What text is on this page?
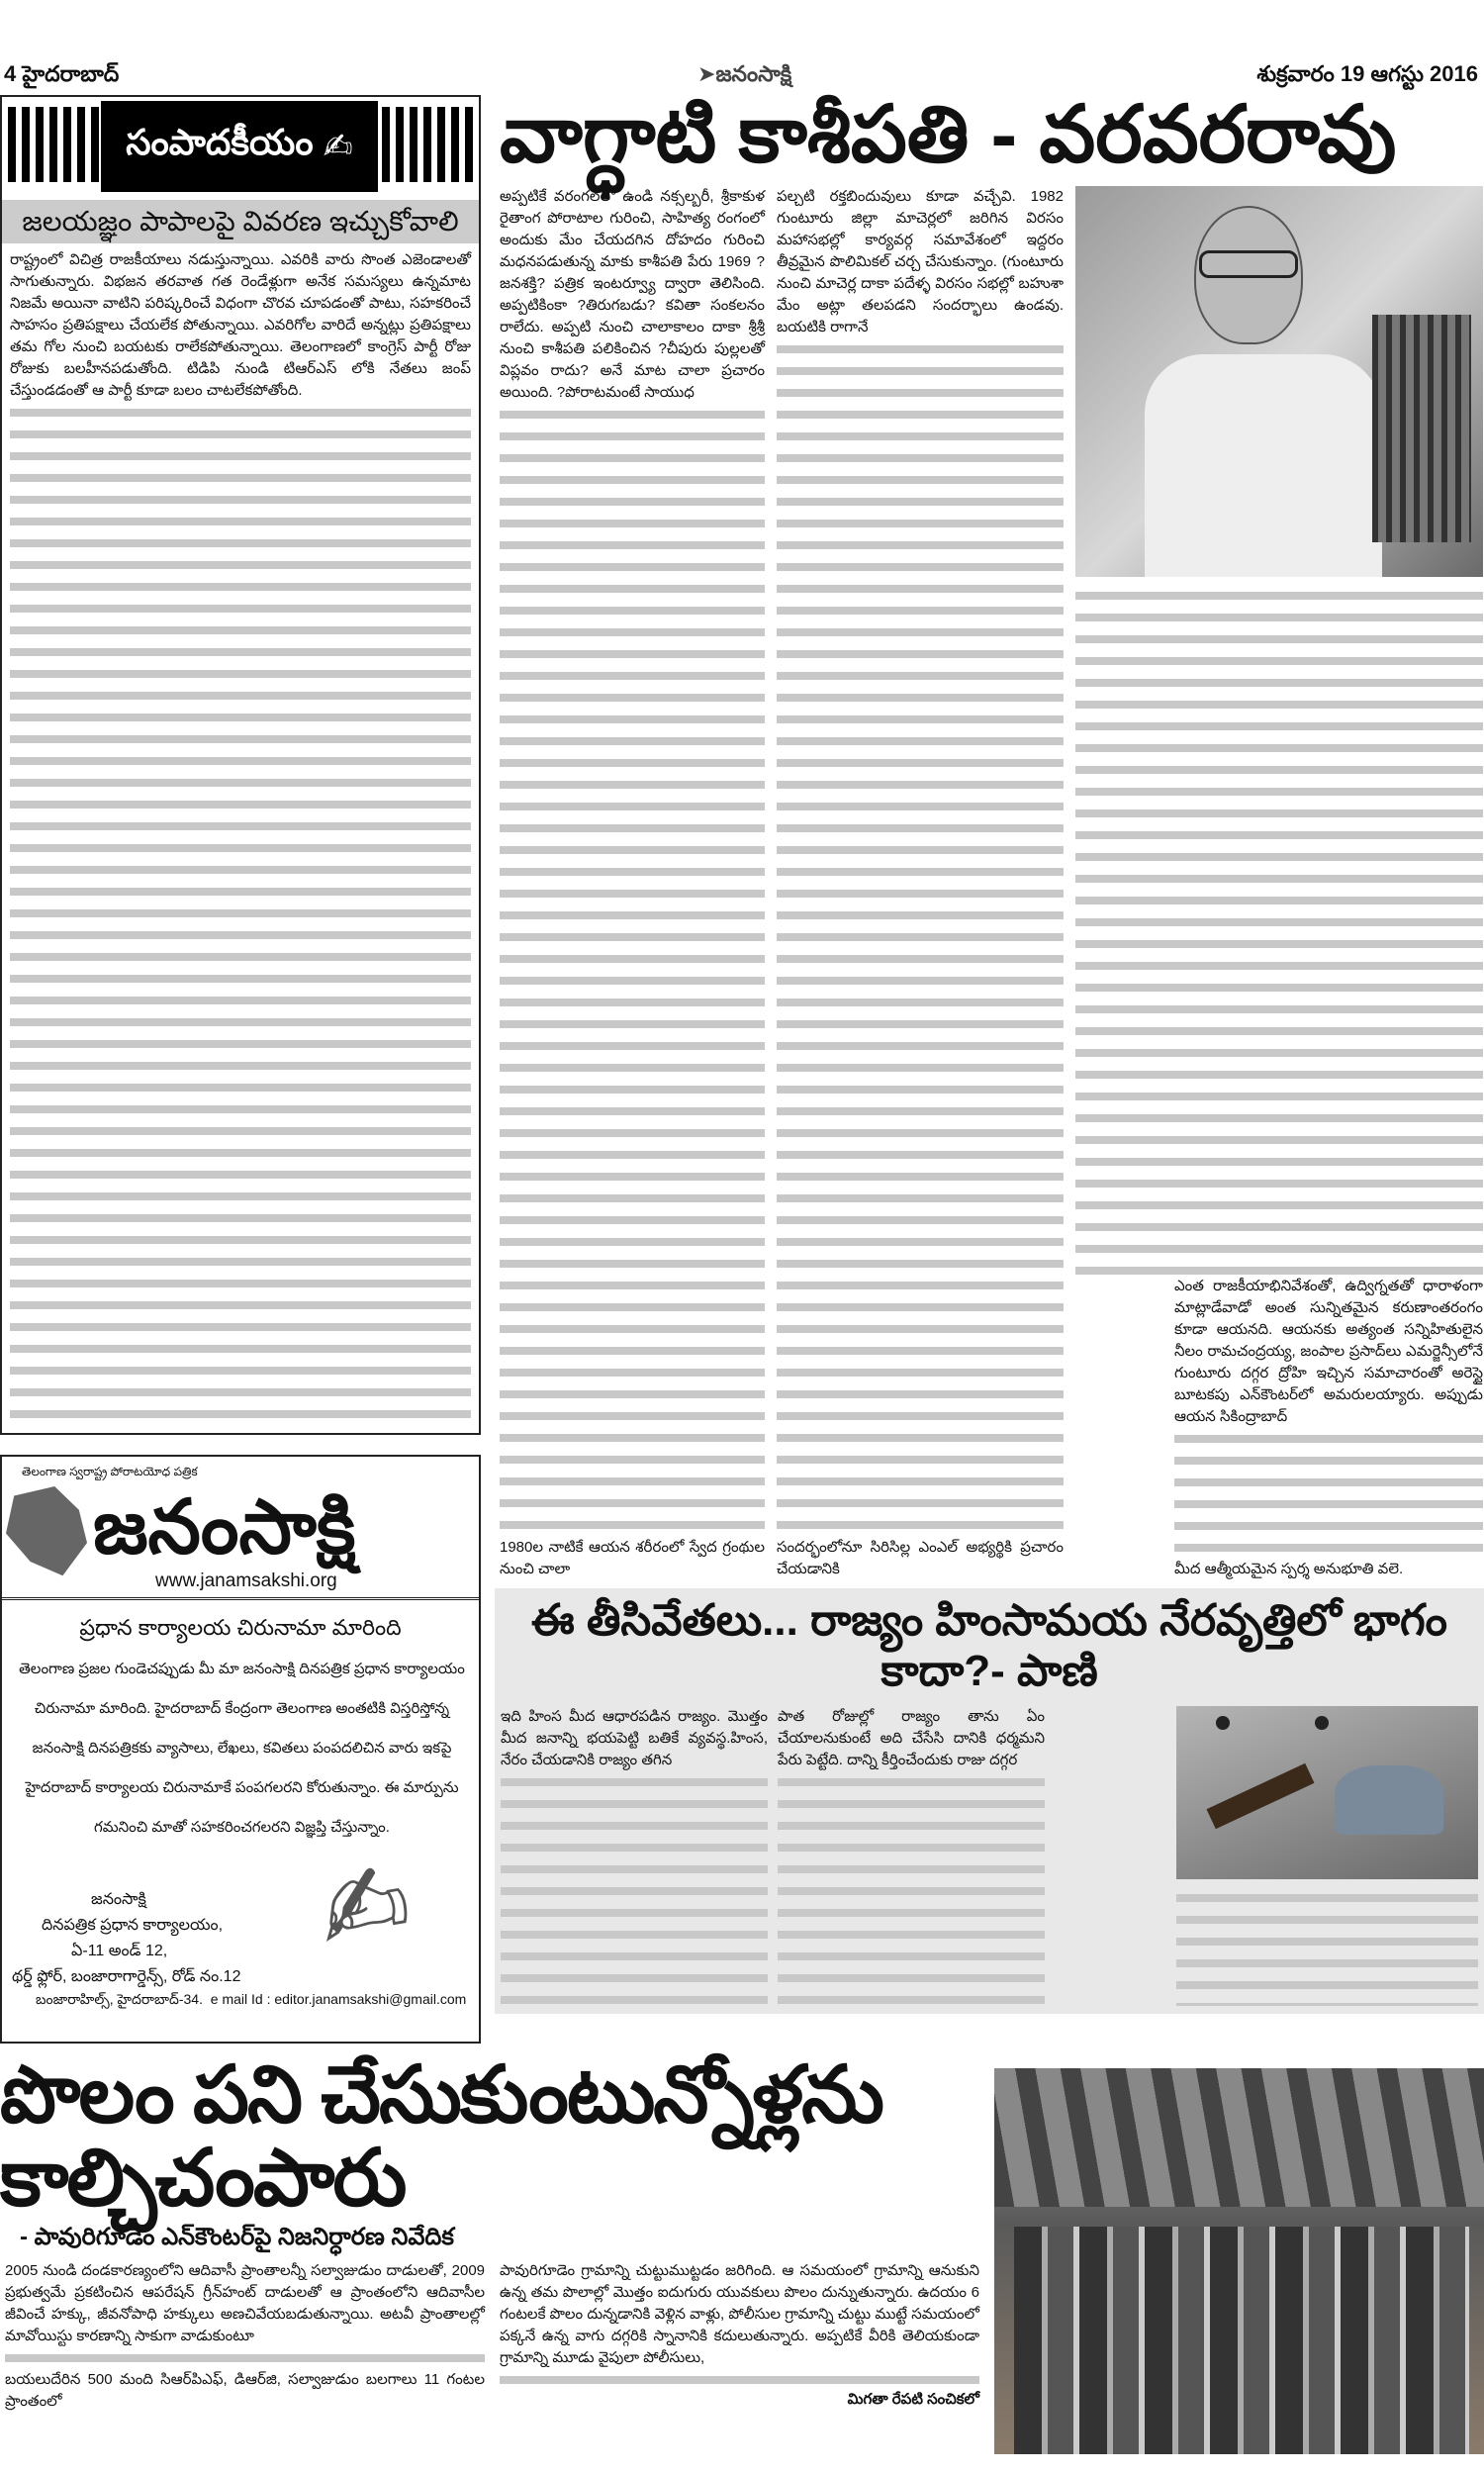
4 హైదరాబాద్	➤జనంసాక్షి	శుక్రవారం 19 ఆగస్టు 2016
సంపాదకీయం ✍
జలయజ్ఞం పాపాలపై వివరణ ఇచ్చుకోవాలి
రాష్ట్రంలో విచిత్ర రాజకీయాలు నడుస్తున్నాయి. ఎవరికి వారు సొంత ఎజెండాలతో సాగుతున్నారు. విభజన తరవాత గత రెండేళ్లుగా అనేక సమస్యలు ఉన్నమాట నిజమే అయినా వాటిని పరిష్కరించే విధంగా చొరవ చూపడంతో పాటు, సహకరించే సాహసం ప్రతిపక్షాలు చేయలేక పోతున్నాయి. ఎవరిగోల వారిదే అన్నట్లు ప్రతిపక్షాలు తమ గోల నుంచి బయటకు రాలేకపోతున్నాయి. తెలంగాణలో కాంగ్రెస్ పార్టీ రోజు రోజుకు బలహీనపడుతోంది. టిడిపి నుండి టిఆర్ఎస్ లోకి నేతలు జంప్ చేస్తుండడంతో ఆ పార్టీ కూడా బలం చాటలేకపోతోంది.
వాగ్ధాటి కాశీపతి - వరవరరావు
అప్పటికే వరంగల్‌లో ఉండి నక్సల్బరీ, శ్రీకాకుళ రైతాంగ పోరాటాల గురించి, సాహిత్య రంగంలో అందుకు మేం చేయదగిన దోహదం గురించి మధనపడుతున్న మాకు కాశీపతి పేరు 1969 ?జనశక్తి? పత్రిక ఇంటర్వ్యూ ద్వారా తెలిసింది. అప్పటికింకా ?తిరుగబడు? కవితా సంకలనం రాలేదు. అప్పటి నుంచి చాలాకాలం దాకా శ్రీశ్రీ నుంచి కాశీపతి పలికించిన ?చీపురు పుల్లలతో విప్లవం రాదు? అనే మాట చాలా ప్రచారం అయింది. ?పోరాటమంటే సాయుధ
1980ల నాటికే ఆయన శరీరంలో స్వేద గ్రంథుల నుంచి చాలా
పల్చటి రక్తబిందువులు కూడా వచ్చేవి. 1982 గుంటూరు జిల్లా మాచెర్లలో జరిగిన విరసం మహాసభల్లో కార్యవర్గ సమావేశంలో ఇద్దరం తీవ్రమైన పొలిమికల్ చర్చ చేసుకున్నాం. (గుంటూరు నుంచి మాచెర్ల దాకా పదేళ్ళ విరసం సభల్లో బహుశా మేం అట్లా తలపడని సందర్భాలు ఉండవు. బయటికి రాగానే
సందర్భంలోనూ సిరిసిల్ల ఎంఎల్ అభ్యర్థికి ప్రచారం చేయడానికి
ఎంత రాజకీయాభినివేశంతో, ఉద్విగ్నతతో ధారాళంగా మాట్లాడేవాడో అంత సున్నితమైన కరుణాంతరంగం కూడా ఆయనది. ఆయనకు అత్యంత సన్నిహితులైన నీలం రామచంద్రయ్య, జంపాల ప్రసాద్‌లు ఎమర్జెన్సీలోనే గుంటూరు దగ్గర ద్రోహి ఇచ్చిన సమాచారంతో అరెస్టై బూటకపు ఎన్‌కౌంటర్‌లో అమరులయ్యారు. అప్పుడు ఆయన సికింద్రాబాద్
మీద ఆత్మీయమైన స్పర్శ అనుభూతి వలె.
ఈ తీసివేతలు... రాజ్యం హింసామయ నేరవృత్తిలో భాగం కాదా?- పాణి
ఇది హింస మీద ఆధారపడిన రాజ్యం. మొత్తం మీద జనాన్ని భయపెట్టి బతికే వ్యవస్థ.హింస, నేరం చేయడానికి రాజ్యం తగిన
పాత రోజుల్లో రాజ్యం తాను ఏం చేయాలనుకుంటే అది చేసేసి దానికి ధర్మమని పేరు పెట్టేది. దాన్ని కీర్తించేందుకు రాజు దగ్గర
తెలంగాణ స్వరాష్ట్ర పోరాటయోధ పత్రిక
జనంసాక్షి
www.janamsakshi.org
ప్రధాన కార్యాలయ చిరునామా మారింది
తెలంగాణ ప్రజల గుండెచప్పుడు మీ మా జనంసాక్షి దినపత్రిక ప్రధాన కార్యాలయం చిరునామా మారింది. హైదరాబాద్ కేంద్రంగా తెలంగాణ అంతటికి విస్తరిస్తోన్న జనంసాక్షి దినపత్రికకు వ్యాసాలు, లేఖలు, కవితలు పంపదలిచిన వారు ఇకపై హైదరాబాద్ కార్యాలయ చిరునామాకే పంపగలరని కోరుతున్నాం. ఈ మార్పును గమనించి మాతో సహకరించగలరని విజ్ఞప్తి చేస్తున్నాం.
జనంసాక్షి
దినపత్రిక ప్రధాన కార్యాలయం,
ఏ-11 అండ్ 12,
థర్డ్ ఫ్లోర్, బంజారాగార్డెన్స్, రోడ్ నం.12
బంజారాహిల్స్, హైదరాబాద్-34. e mail Id : editor.janamsakshi@gmail.com
✍
పొలం పని చేసుకుంటున్నోళ్లను కాల్చిచంపారు
- పావురిగూడెం ఎన్‌కౌంటర్‌పై నిజనిర్ధారణ నివేదిక
2005 నుండి దండకారణ్యంలోని ఆదివాసీ ప్రాంతాలన్నీ సల్వాజుడుం దాడులతో, 2009 ప్రభుత్వమే ప్రకటించిన ఆపరేషన్ గ్రీన్‌హంట్ దాడులతో ఆ ప్రాంతంలోని ఆదివాసీల జీవించే హక్కు, జీవనోపాధి హక్కులు అణచివేయబడుతున్నాయి. అటవీ ప్రాంతాలల్లో మావోయిస్టు కారణాన్ని సాకుగా వాడుకుంటూ
బయలుదేరిన 500 మంది సిఆర్‌పిఎఫ్, డిఆర్‌జి, సల్వాజుడుం బలగాలు 11 గంటల ప్రాంతంలో
పావురిగూడెం గ్రామాన్ని చుట్టుముట్టడం జరిగింది. ఆ సమయంలో గ్రామాన్ని ఆనుకుని ఉన్న తమ పొలాల్లో మొత్తం ఐదుగురు యువకులు పొలం దున్నుతున్నారు. ఉదయం 6 గంటలకే పొలం దున్నడానికి వెళ్లిన వాళ్లు, పోలీసుల గ్రామాన్ని చుట్టు ముట్టే సమయంలో పక్కనే ఉన్న వాగు దగ్గరికి స్నానానికి కదులుతున్నారు. అప్పటికే వీరికి తెలియకుండా గ్రామాన్ని మూడు వైపులా పోలీసులు,
మిగతా రేపటి సంచికలో
